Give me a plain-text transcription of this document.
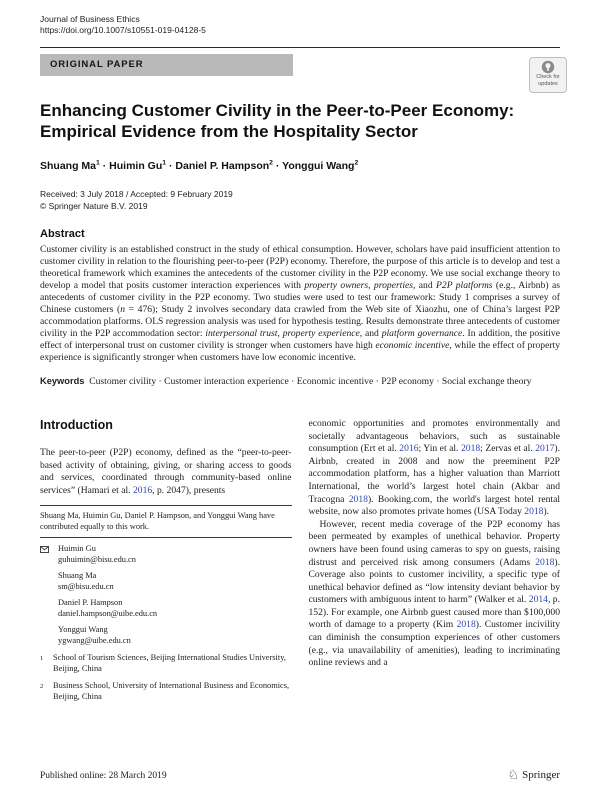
Journal of Business Ethics
https://doi.org/10.1007/s10551-019-04128-5
ORIGINAL PAPER
Check for
updates
Enhancing Customer Civility in the Peer-to-Peer Economy: Empirical Evidence from the Hospitality Sector
Shuang $Ma^1 \cdot Huimin$ $Gu^1$ · Daniel P. Hampson$^2$ · Yonggui Wang$^2$
Received: 3 July 2018 / Accepted: 9 February 2019
© Springer Nature B.V. 2019
Abstract

Customer civility is an established construct in the study of ethical consumption. However, scholars have paid insufficient attention to customer civility in relation to the flourishing peer-to-peer (P2P) economy. Therefore, the purpose of this article is to develop and test a theoretical framework which examines the antecedents of the customer civility in the P2P economy. We use social exchange theory to develop a model that posits customer interaction experiences with property owners, properties, and P2P platforms (e.g., Airbnb) as antecedents of customer civility in the P2P economy. Two studies were used to test our framework: Study 1 comprises a survey of Chinese customers (n = 476); Study 2 involves secondary data crawled from the Web site of Xiaozhu, one of China’s largest P2P accommodation platforms. OLS regression analysis was used for hypothesis testing. Results demonstrate three antecedents of customer civility in the P2P accommodation sector: interpersonal trust, property experience, and platform governance. In addition, the positive effect of interpersonal trust on customer civility is stronger when customers have high economic incentive, while the effect of property experience is significantly stronger when customers have low economic incentive.

Keywords Customer civility · Customer interaction experience · Economic incentive · P2P economy · Social exchange theory

Introduction

The peer-to-peer (P2P) economy, defined as the “peer-to-peer-based activity of obtaining, giving, or sharing access to goods and services, coordinated through community-based online services” (Hamari et al. 2016, p. 2047), presents

Shuang Ma, Huimin Gu, Daniel P. Hampson, and Yonggui Wang have contributed equally to this work.
Huimin Gu
guhuimin@bisu.edu.cn
Shuang Ma
sm@bisu.edu.cn
Daniel P. Hampson
daniel.hampson@uibe.edu.cn
Yonggui Wang
ygwang@uibe.edu.cn
1	School of Tourism Sciences, Beijing International Studies University, Beijing, China
2	Business School, University of International Business and Economics, Beijing, China

economic opportunities and promotes environmentally and societally advantageous behaviors, such as sustainable consumption (Ert et al. 2016; Yin et al. 2018; Zervas et al. 2017). Airbnb, created in 2008 and now the preeminent P2P accommodation platform, has a higher valuation than Marriott International, the world’s largest hotel chain (Akbar and Tracogna 2018). Booking.com, the world's largest hotel rental website, now also promotes private homes (USA Today 2018).

However, recent media coverage of the P2P economy has been permeated by examples of unethical behavior. Property owners have been found using cameras to spy on guests, raising distrust and perceived risk among consumers (Adams 2018). Coverage also points to customer incivility, a specific type of unethical behavior defined as “low intensity deviant behavior by customers with ambiguous intent to harm” (Walker et al. 2014, p. 152). For example, one Airbnb guest caused more than $100,000 worth of damage to a property (Kim 2018). Customer incivility can diminish the consumption experiences of other customers (e.g., via unavailability of amenities), leading to incriminating online reviews and a

Published online: 28 March 2019	♘ Springer
